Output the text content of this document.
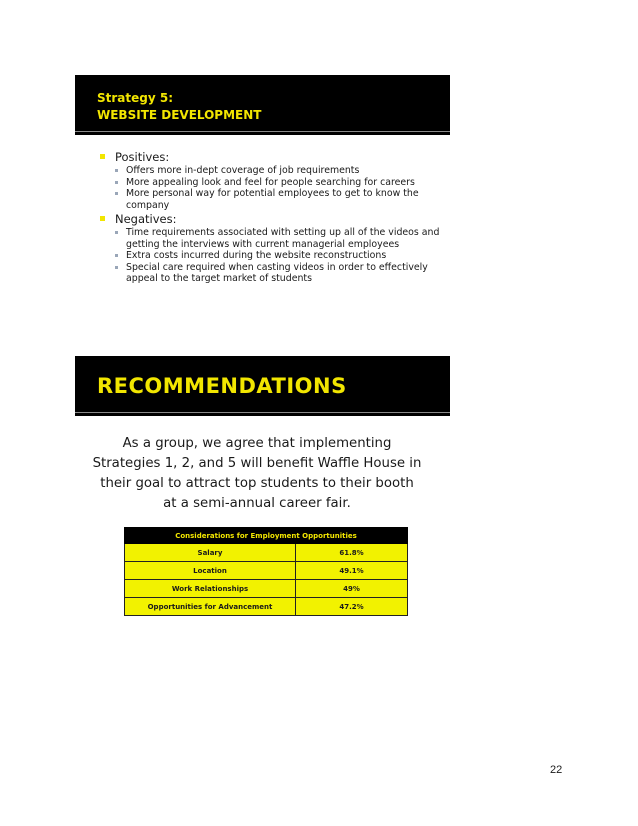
Strategy 5:
WEBSITE DEVELOPMENT
Positives:
Offers more in-dept coverage of job requirements
More appealing look and feel for people searching for careers
More personal way for potential employees to get to know the company
Negatives:
Time requirements associated with setting up all of the videos and getting the interviews with current managerial employees
Extra costs incurred during the website reconstructions
Special care required when casting videos in order to effectively appeal to the target market of students
RECOMMENDATIONS
As a group, we agree that implementing Strategies 1, 2, and 5 will benefit Waffle House in their goal to attract top students to their booth at a semi-annual career fair.
Considerations for Employment Opportunities	
Salary	61.8%
Location	49.1%
Work Relationships	49%
Opportunities for Advancement	47.2%
22
